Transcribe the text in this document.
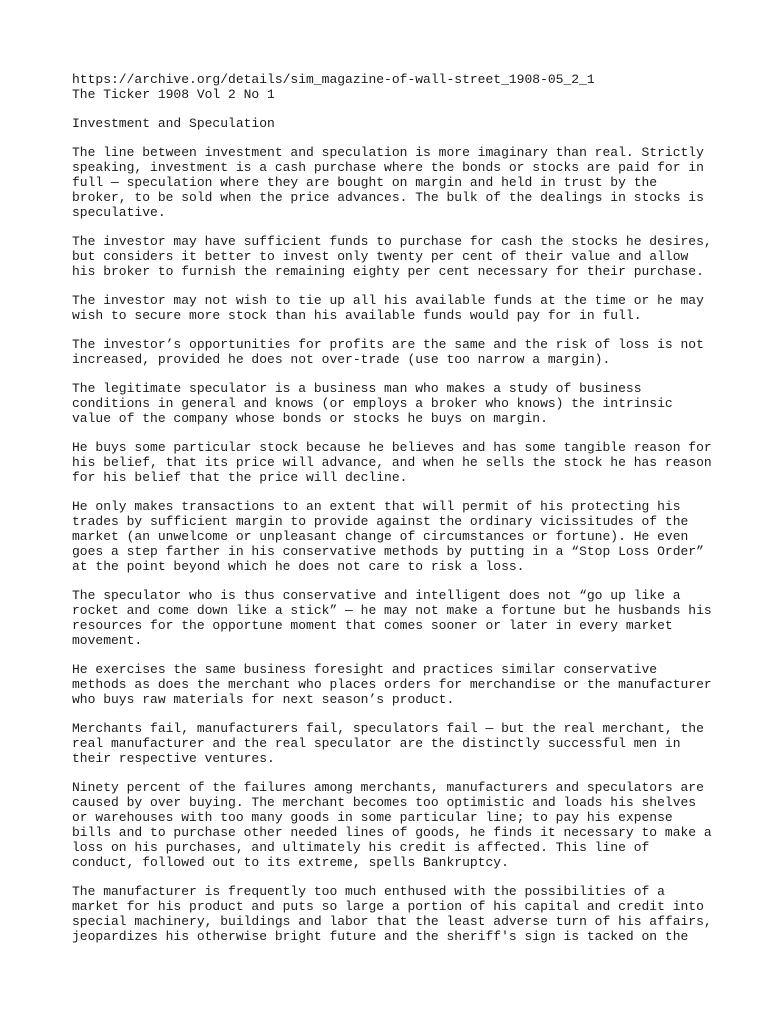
https://archive.org/details/sim_magazine-of-wall-street_1908-05_2_1
The Ticker 1908 Vol 2 No 1

Investment and Speculation

The line between investment and speculation is more imaginary than real. Strictly speaking, investment is a cash purchase where the bonds or stocks are paid for in full — speculation where they are bought on margin and held in trust by the broker, to be sold when the price advances. The bulk of the dealings in stocks is speculative.

The investor may have sufficient funds to purchase for cash the stocks he desires, but considers it better to invest only twenty per cent of their value and allow his broker to furnish the remaining eighty per cent necessary for their purchase.

The investor may not wish to tie up all his available funds at the time or he may wish to secure more stock than his available funds would pay for in full.

The investor’s opportunities for profits are the same and the risk of loss is not increased, provided he does not over-trade (use too narrow a margin).

The legitimate speculator is a business man who makes a study of business conditions in general and knows (or employs a broker who knows) the intrinsic value of the company whose bonds or stocks he buys on margin.

He buys some particular stock because he believes and has some tangible reason for his belief, that its price will advance, and when he sells the stock he has reason for his belief that the price will decline.

He only makes transactions to an extent that will permit of his protecting his trades by sufficient margin to provide against the ordinary vicissitudes of the market (an unwelcome or unpleasant change of circumstances or fortune). He even goes a step farther in his conservative methods by putting in a “Stop Loss Order” at the point beyond which he does not care to risk a loss.

The speculator who is thus conservative and intelligent does not “go up like a rocket and come down like a stick” — he may not make a fortune but he husbands his resources for the opportune moment that comes sooner or later in every market movement.

He exercises the same business foresight and practices similar conservative methods as does the merchant who places orders for merchandise or the manufacturer who buys raw materials for next season’s product.

Merchants fail, manufacturers fail, speculators fail — but the real merchant, the real manufacturer and the real speculator are the distinctly successful men in their respective ventures.

Ninety percent of the failures among merchants, manufacturers and speculators are caused by over buying. The merchant becomes too optimistic and loads his shelves or warehouses with too many goods in some particular line; to pay his expense bills and to purchase other needed lines of goods, he finds it necessary to make a loss on his purchases, and ultimately his credit is affected. This line of conduct, followed out to its extreme, spells Bankruptcy.

The manufacturer is frequently too much enthused with the possibilities of a market for his product and puts so large a portion of his capital and credit into special machinery, buildings and labor that the least adverse turn of his affairs, jeopardizes his otherwise bright future and the sheriff's sign is tacked on the
